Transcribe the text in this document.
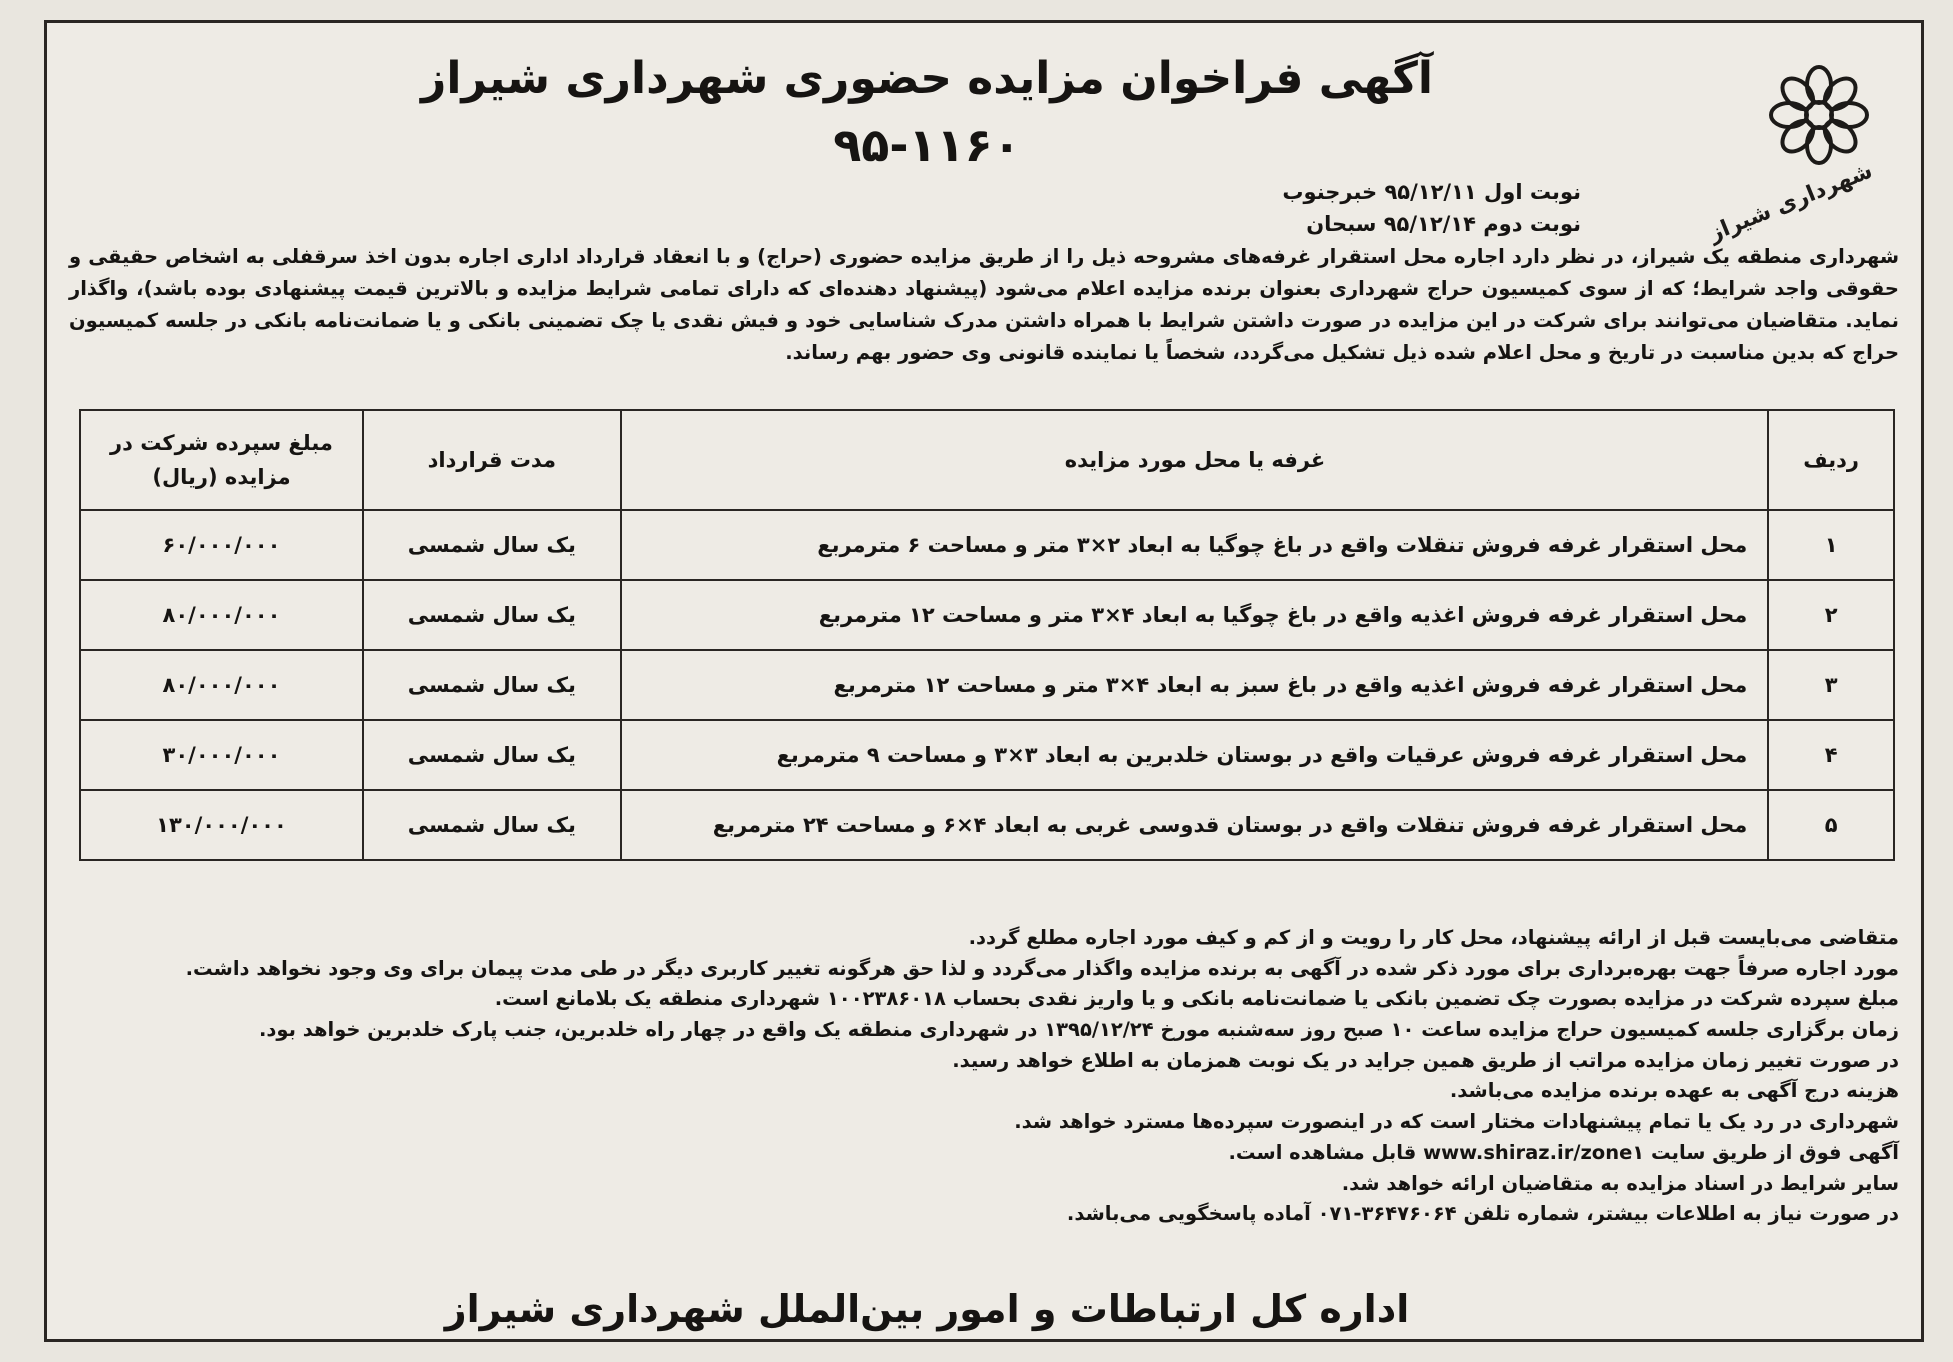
شهرداری شیراز
آگهی فراخوان مزایده حضوری شهرداری شیراز
۹۵-۱۱۶۰
نوبت اول ۹۵/۱۲/۱۱ خبرجنوب
نوبت دوم ۹۵/۱۲/۱۴ سبحان

شهرداری منطقه یک شیراز، در نظر دارد اجاره محل استقرار غرفه‌های مشروحه ذیل را از طریق مزایده حضوری (حراج) و با انعقاد قرارداد اداری اجاره بدون اخذ سرقفلی به اشخاص حقیقی و حقوقی واجد شرایط؛ که از سوی کمیسیون حراج شهرداری بعنوان برنده مزایده اعلام می‌شود (پیشنهاد دهنده‌ای که دارای تمامی شرایط مزایده و بالاترین قیمت پیشنهادی بوده باشد)، واگذار نماید. متقاضیان می‌توانند برای شرکت در این مزایده در صورت داشتن شرایط با همراه داشتن مدرک شناسایی خود و فیش نقدی یا چک تضمینی بانکی و یا ضمانت‌نامه بانکی در جلسه کمیسیون حراج که بدین مناسبت در تاریخ و محل اعلام شده ذیل تشکیل می‌گردد، شخصاً یا نماینده قانونی وی حضور بهم رساند.

ردیف	غرفه یا محل مورد مزایده	مدت قرارداد	مبلغ سپرده شرکت در مزایده (ریال)
۱	محل استقرار غرفه فروش تنقلات واقع در باغ چوگیا به ابعاد ۲×۳ متر و مساحت ۶ مترمربع	یک سال شمسی	۶۰/۰۰۰/۰۰۰
۲	محل استقرار غرفه فروش اغذیه واقع در باغ چوگیا به ابعاد ۴×۳ متر و مساحت ۱۲ مترمربع	یک سال شمسی	۸۰/۰۰۰/۰۰۰
۳	محل استقرار غرفه فروش اغذیه واقع در باغ سبز به ابعاد ۴×۳ متر و مساحت ۱۲ مترمربع	یک سال شمسی	۸۰/۰۰۰/۰۰۰
۴	محل استقرار غرفه فروش عرقیات واقع در بوستان خلدبرین به ابعاد ۳×۳ و مساحت ۹ مترمربع	یک سال شمسی	۳۰/۰۰۰/۰۰۰
۵	محل استقرار غرفه فروش تنقلات واقع در بوستان قدوسی غربی به ابعاد ۴×۶ و مساحت ۲۴ مترمربع	یک سال شمسی	۱۳۰/۰۰۰/۰۰۰
متقاضی می‌بایست قبل از ارائه پیشنهاد، محل کار را رویت و از کم و کیف مورد اجاره مطلع گردد.
مورد اجاره صرفاً جهت بهره‌برداری برای مورد ذکر شده در آگهی به برنده مزایده واگذار می‌گردد و لذا حق هرگونه تغییر کاربری دیگر در طی مدت پیمان برای وی وجود نخواهد داشت.
مبلغ سپرده شرکت در مزایده بصورت چک تضمین بانکی یا ضمانت‌نامه بانکی و یا واریز نقدی بحساب ۱۰۰۲۳۸۶۰۱۸ شهرداری منطقه یک بلامانع است.
زمان برگزاری جلسه کمیسیون حراج مزایده ساعت ۱۰ صبح روز سه‌شنبه مورخ ۱۳۹۵/۱۲/۲۴ در شهرداری منطقه یک واقع در چهار راه خلدبرین، جنب پارک خلدبرین خواهد بود.
در صورت تغییر زمان مزایده مراتب از طریق همین جراید در یک نوبت همزمان به اطلاع خواهد رسید.
هزینه درج آگهی به عهده برنده مزایده می‌باشد.
شهرداری در رد یک یا تمام پیشنهادات مختار است که در اینصورت سپرده‌ها مسترد خواهد شد.
آگهی فوق از طریق سایت www.shiraz.ir/zone۱ قابل مشاهده است.
سایر شرایط در اسناد مزایده به متقاضیان ارائه خواهد شد.
در صورت نیاز به اطلاعات بیشتر، شماره تلفن ۳۶۴۷۶۰۶۴-۰۷۱ آماده پاسخگویی می‌باشد.
اداره کل ارتباطات و امور بین‌الملل شهرداری شیراز
